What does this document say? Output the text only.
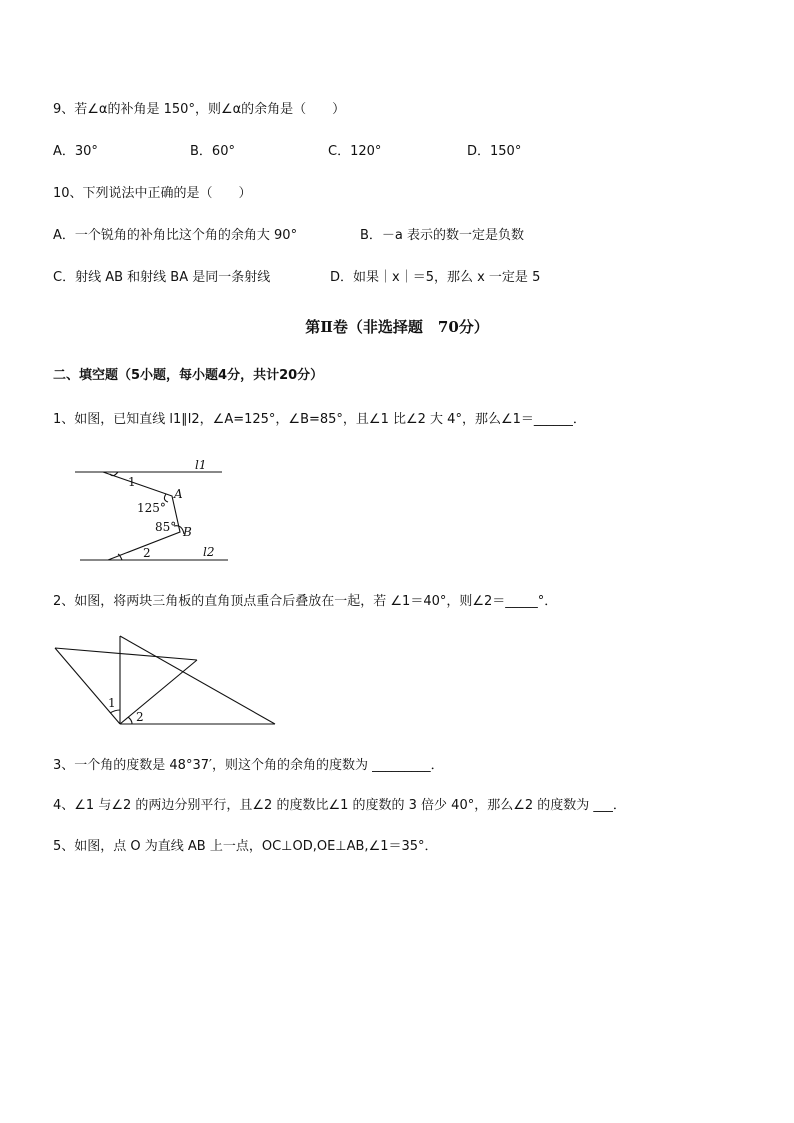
9、若∠α的补角是 150°，则∠α的余角是（　　）
A．30°	B．60°	C．120°	D．150°
10、下列说法中正确的是（　　）
A．一个锐角的补角比这个角的余角大 90°	B．－a 表示的数一定是负数
C．射线 AB 和射线 BA 是同一条射线	D．如果｜x｜＝5，那么 x 一定是 5
第Ⅱ卷（非选择题　70分）
二、填空题（5小题，每小题4分，共计20分）
1、如图，已知直线 l1∥l2，∠A=125°，∠B=85°，且∠1 比∠2 大 4°，那么∠1＝______．
l1
l2
1
A
125°
85° B
2
2、如图，将两块三角板的直角顶点重合后叠放在一起，若 ∠1＝40°，则∠2＝_____°．
1
2
3、一个角的度数是 48°37′，则这个角的余角的度数为 _________．
4、∠1 与∠2 的两边分别平行，且∠2 的度数比∠1 的度数的 3 倍少 40°，那么∠2 的度数为 ___．
5、如图，点 O 为直线 AB 上一点，OC⊥OD,OE⊥AB,∠1＝35°．
